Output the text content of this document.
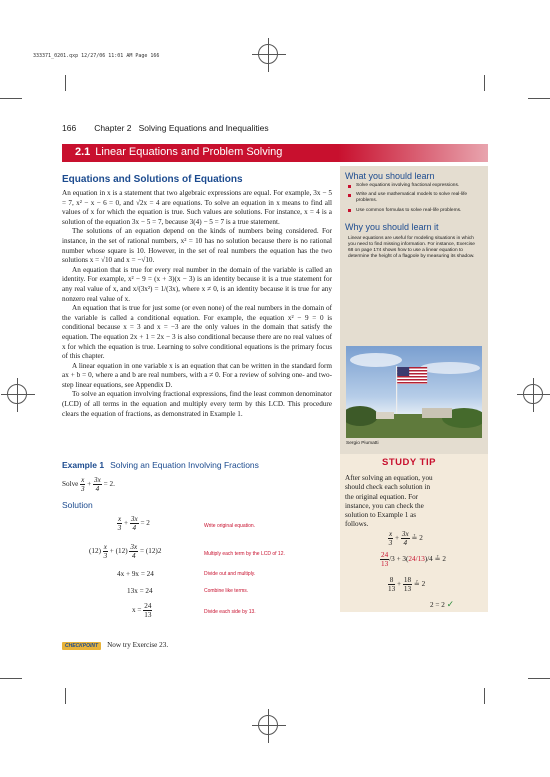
333371_0201.qxp 12/27/06 11:01 AM Page 166
166 Chapter 2 Solving Equations and Inequalities
2.1 Linear Equations and Problem Solving
Equations and Solutions of Equations

An equation in x is a statement that two algebraic expressions are equal. For example, 3x − 5 = 7, x² − x − 6 = 0, and √2x = 4 are equations. To solve an equation in x means to find all values of x for which the equation is true. Such values are solutions. For instance, x = 4 is a solution of the equation 3x − 5 = 7, because 3(4) − 5 = 7 is a true statement.

The solutions of an equation depend on the kinds of numbers being considered. For instance, in the set of rational numbers, x² = 10 has no solution because there is no rational number whose square is 10. However, in the set of real numbers the equation has the two solutions x = √10 and x = −√10.

An equation that is true for every real number in the domain of the variable is called an identity. For example, x² − 9 = (x + 3)(x − 3) is an identity because it is a true statement for any real value of x, and x/(3x²) = 1/(3x), where x ≠ 0, is an identity because it is true for any nonzero real value of x.

An equation that is true for just some (or even none) of the real numbers in the domain of the variable is called a conditional equation. For example, the equation x² − 9 = 0 is conditional because x = 3 and x = −3 are the only values in the domain that satisfy the equation. The equation 2x + 1 = 2x − 3 is also conditional because there are no real values of x for which the equation is true. Learning to solve conditional equations is the primary focus of this chapter.

A linear equation in one variable x is an equation that can be written in the standard form ax + b = 0, where a and b are real numbers, with a ≠ 0. For a review of solving one- and two-step linear equations, see Appendix D.

To solve an equation involving fractional expressions, find the least common denominator (LCD) of all terms in the equation and multiply every term by this LCD. This procedure clears the equation of fractions, as demonstrated in Example 1.

What you should learn
Solve equations involving fractional expressions.
Write and use mathematical models to solve real-life problems.
Use common formulas to solve real-life problems.
Why you should learn it
Linear equations are useful for modeling situations in which you need to find missing information. For instance, Exercise 68 on page 174 shows how to use a linear equation to determine the height of a flagpole by measuring its shadow.
Sergio Piumatti
Example 1 Solving an Equation Involving Fractions
Solve $\frac{x}{3} + \frac{3x}{4} = 2$.
Solution
$\frac{x}{3} + \frac{3x}{4} = 2$	Write original equation.
$(12) \frac{x}{3} + (12) \frac{3x}{4} = (12)2$	Multiply each term by the LCD of 12.
4x + 9x = 24	Divide out and multiply.
13x = 24	Combine like terms.
$x = \frac{24}{13}$	Divide each side by 13.
CHECKPOINT Now try Exercise 23.
STUDY TIP
After solving an equation, you should check each solution in the original equation. For instance, you can check the solution to Example 1 as follows.
$\frac{x}{3} + \frac{3x}{4}$ ≟ 2
$\frac{24}{13} /3 + 3(24/13)/4$ ≟ 2
$\frac{8}{13} + \frac{18}{13}$ ≟ 2
2 = 2 ✓
